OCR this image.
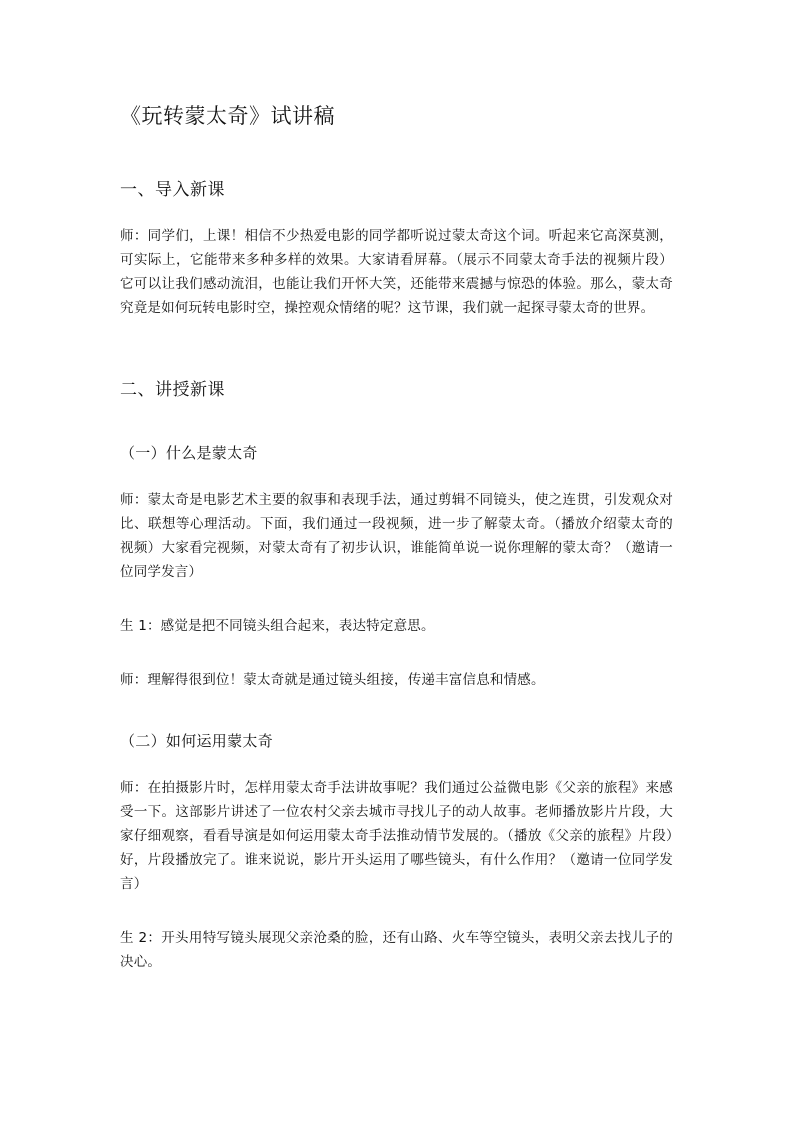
《玩转蒙太奇》试讲稿
一、导入新课

师：同学们，上课！相信不少热爱电影的同学都听说过蒙太奇这个词。听起来它高深莫测，可实际上，它能带来多种多样的效果。大家请看屏幕。（展示不同蒙太奇手法的视频片段）它可以让我们感动流泪，也能让我们开怀大笑，还能带来震撼与惊恐的体验。那么，蒙太奇究竟是如何玩转电影时空，操控观众情绪的呢？这节课，我们就一起探寻蒙太奇的世界。

二、讲授新课
（一）什么是蒙太奇

师：蒙太奇是电影艺术主要的叙事和表现手法，通过剪辑不同镜头，使之连贯，引发观众对比、联想等心理活动。下面，我们通过一段视频，进一步了解蒙太奇。（播放介绍蒙太奇的视频）大家看完视频，对蒙太奇有了初步认识，谁能简单说一说你理解的蒙太奇？（邀请一位同学发言）

生 1：感觉是把不同镜头组合起来，表达特定意思。

师：理解得很到位！蒙太奇就是通过镜头组接，传递丰富信息和情感。

（二）如何运用蒙太奇

师：在拍摄影片时，怎样用蒙太奇手法讲故事呢？我们通过公益微电影《父亲的旅程》来感受一下。这部影片讲述了一位农村父亲去城市寻找儿子的动人故事。老师播放影片片段，大家仔细观察，看看导演是如何运用蒙太奇手法推动情节发展的。（播放《父亲的旅程》片段）好，片段播放完了。谁来说说，影片开头运用了哪些镜头，有什么作用？（邀请一位同学发言）

生 2：开头用特写镜头展现父亲沧桑的脸，还有山路、火车等空镜头，表明父亲去找儿子的决心。
